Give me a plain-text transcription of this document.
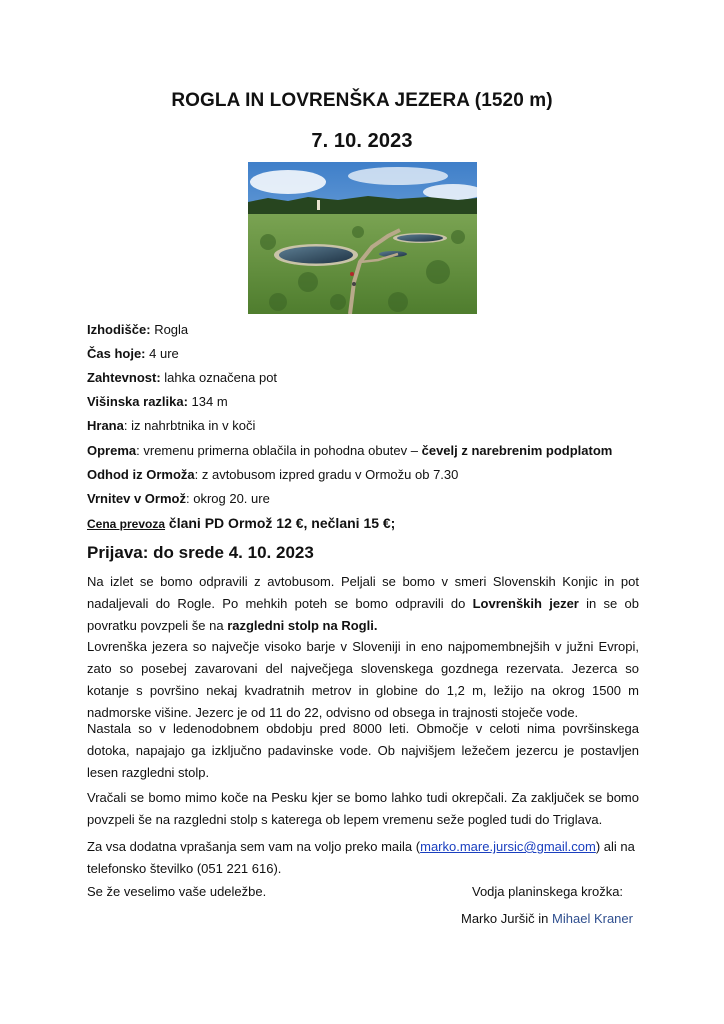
ROGLA IN LOVRENŠKA JEZERA (1520 m)
7. 10. 2023
Izhodišče: Rogla
Čas hoje: 4 ure
Zahtevnost: lahka označena pot
Višinska razlika: 134 m
Hrana: iz nahrbtnika in v koči
Oprema: vremenu primerna oblačila in pohodna obutev – čevelj z narebrenim podplatom
Odhod iz Ormoža: z avtobusom izpred gradu v Ormožu ob 7.30
Vrnitev v Ormož: okrog 20. ure
Cena prevoza člani PD Ormož 12 €, nečlani 15 €;
Prijava: do srede 4. 10. 2023
Na izlet se bomo odpravili z avtobusom. Peljali se bomo v smeri Slovenskih Konjic in pot nadaljevali do Rogle. Po mehkih poteh se bomo odpravili do Lovrenških jezer in se ob povratku povzpeli še na razgledni stolp na Rogli.
Lovrenška jezera so največje visoko barje v Sloveniji in eno najpomembnejših v južni Evropi, zato so posebej zavarovani del največjega slovenskega gozdnega rezervata. Jezerca so kotanje s površino nekaj kvadratnih metrov in globine do 1,2 m, ležijo na okrog 1500 m nadmorske višine. Jezerc je od 11 do 22, odvisno od obsega in trajnosti stoječe vode.
Nastala so v ledenodobnem obdobju pred 8000 leti. Območje v celoti nima površinskega dotoka, napajajo ga izključno padavinske vode. Ob najvišjem ležečem jezercu je postavljen lesen razgledni stolp.
Vračali se bomo mimo koče na Pesku kjer se bomo lahko tudi okrepčali. Za zaključek se bomo povzpeli še na razgledni stolp s katerega ob lepem vremenu seže pogled tudi do Triglava.
Za vsa dodatna vprašanja sem vam na voljo preko maila (marko.mare.jursic@gmail.com) ali na telefonsko številko (051 221 616).
Se že veselimo vaše udeležbe.	Vodja planinskega krožka:
Marko Juršič in Mihael Kraner
